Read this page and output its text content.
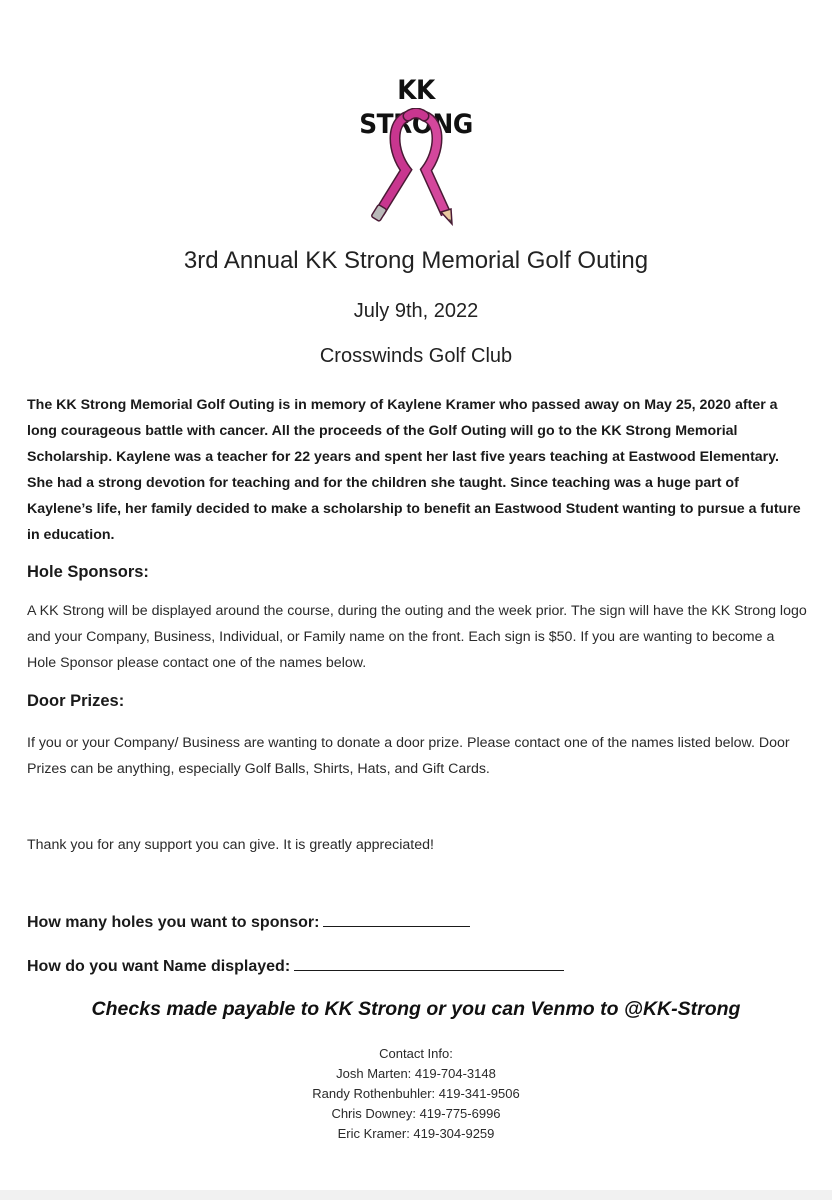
KK STRONG
3rd Annual KK Strong Memorial Golf Outing
July 9th, 2022
Crosswinds Golf Club

The KK Strong Memorial Golf Outing is in memory of Kaylene Kramer who passed away on May 25, 2020 after a long courageous battle with cancer. All the proceeds of the Golf Outing will go to the KK Strong Memorial Scholarship. Kaylene was a teacher for 22 years and spent her last five years teaching at Eastwood Elementary. She had a strong devotion for teaching and for the children she taught. Since teaching was a huge part of Kaylene’s life, her family decided to make a scholarship to benefit an Eastwood Student wanting to pursue a future in education.

Hole Sponsors:

A KK Strong will be displayed around the course, during the outing and the week prior. The sign will have the KK Strong logo and your Company, Business, Individual, or Family name on the front. Each sign is $50. If you are wanting to become a Hole Sponsor please contact one of the names below.

Door Prizes:

If you or your Company/ Business are wanting to donate a door prize. Please contact one of the names listed below. Door Prizes can be anything, especially Golf Balls, Shirts, Hats, and Gift Cards.

Thank you for any support you can give. It is greatly appreciated!

How many holes you want to sponsor:
How do you want Name displayed:
Checks made payable to KK Strong or you can Venmo to @KK-Strong
Contact Info:
Josh Marten: 419-704-3148
Randy Rothenbuhler: 419-341-9506
Chris Downey: 419-775-6996
Eric Kramer: 419-304-9259
